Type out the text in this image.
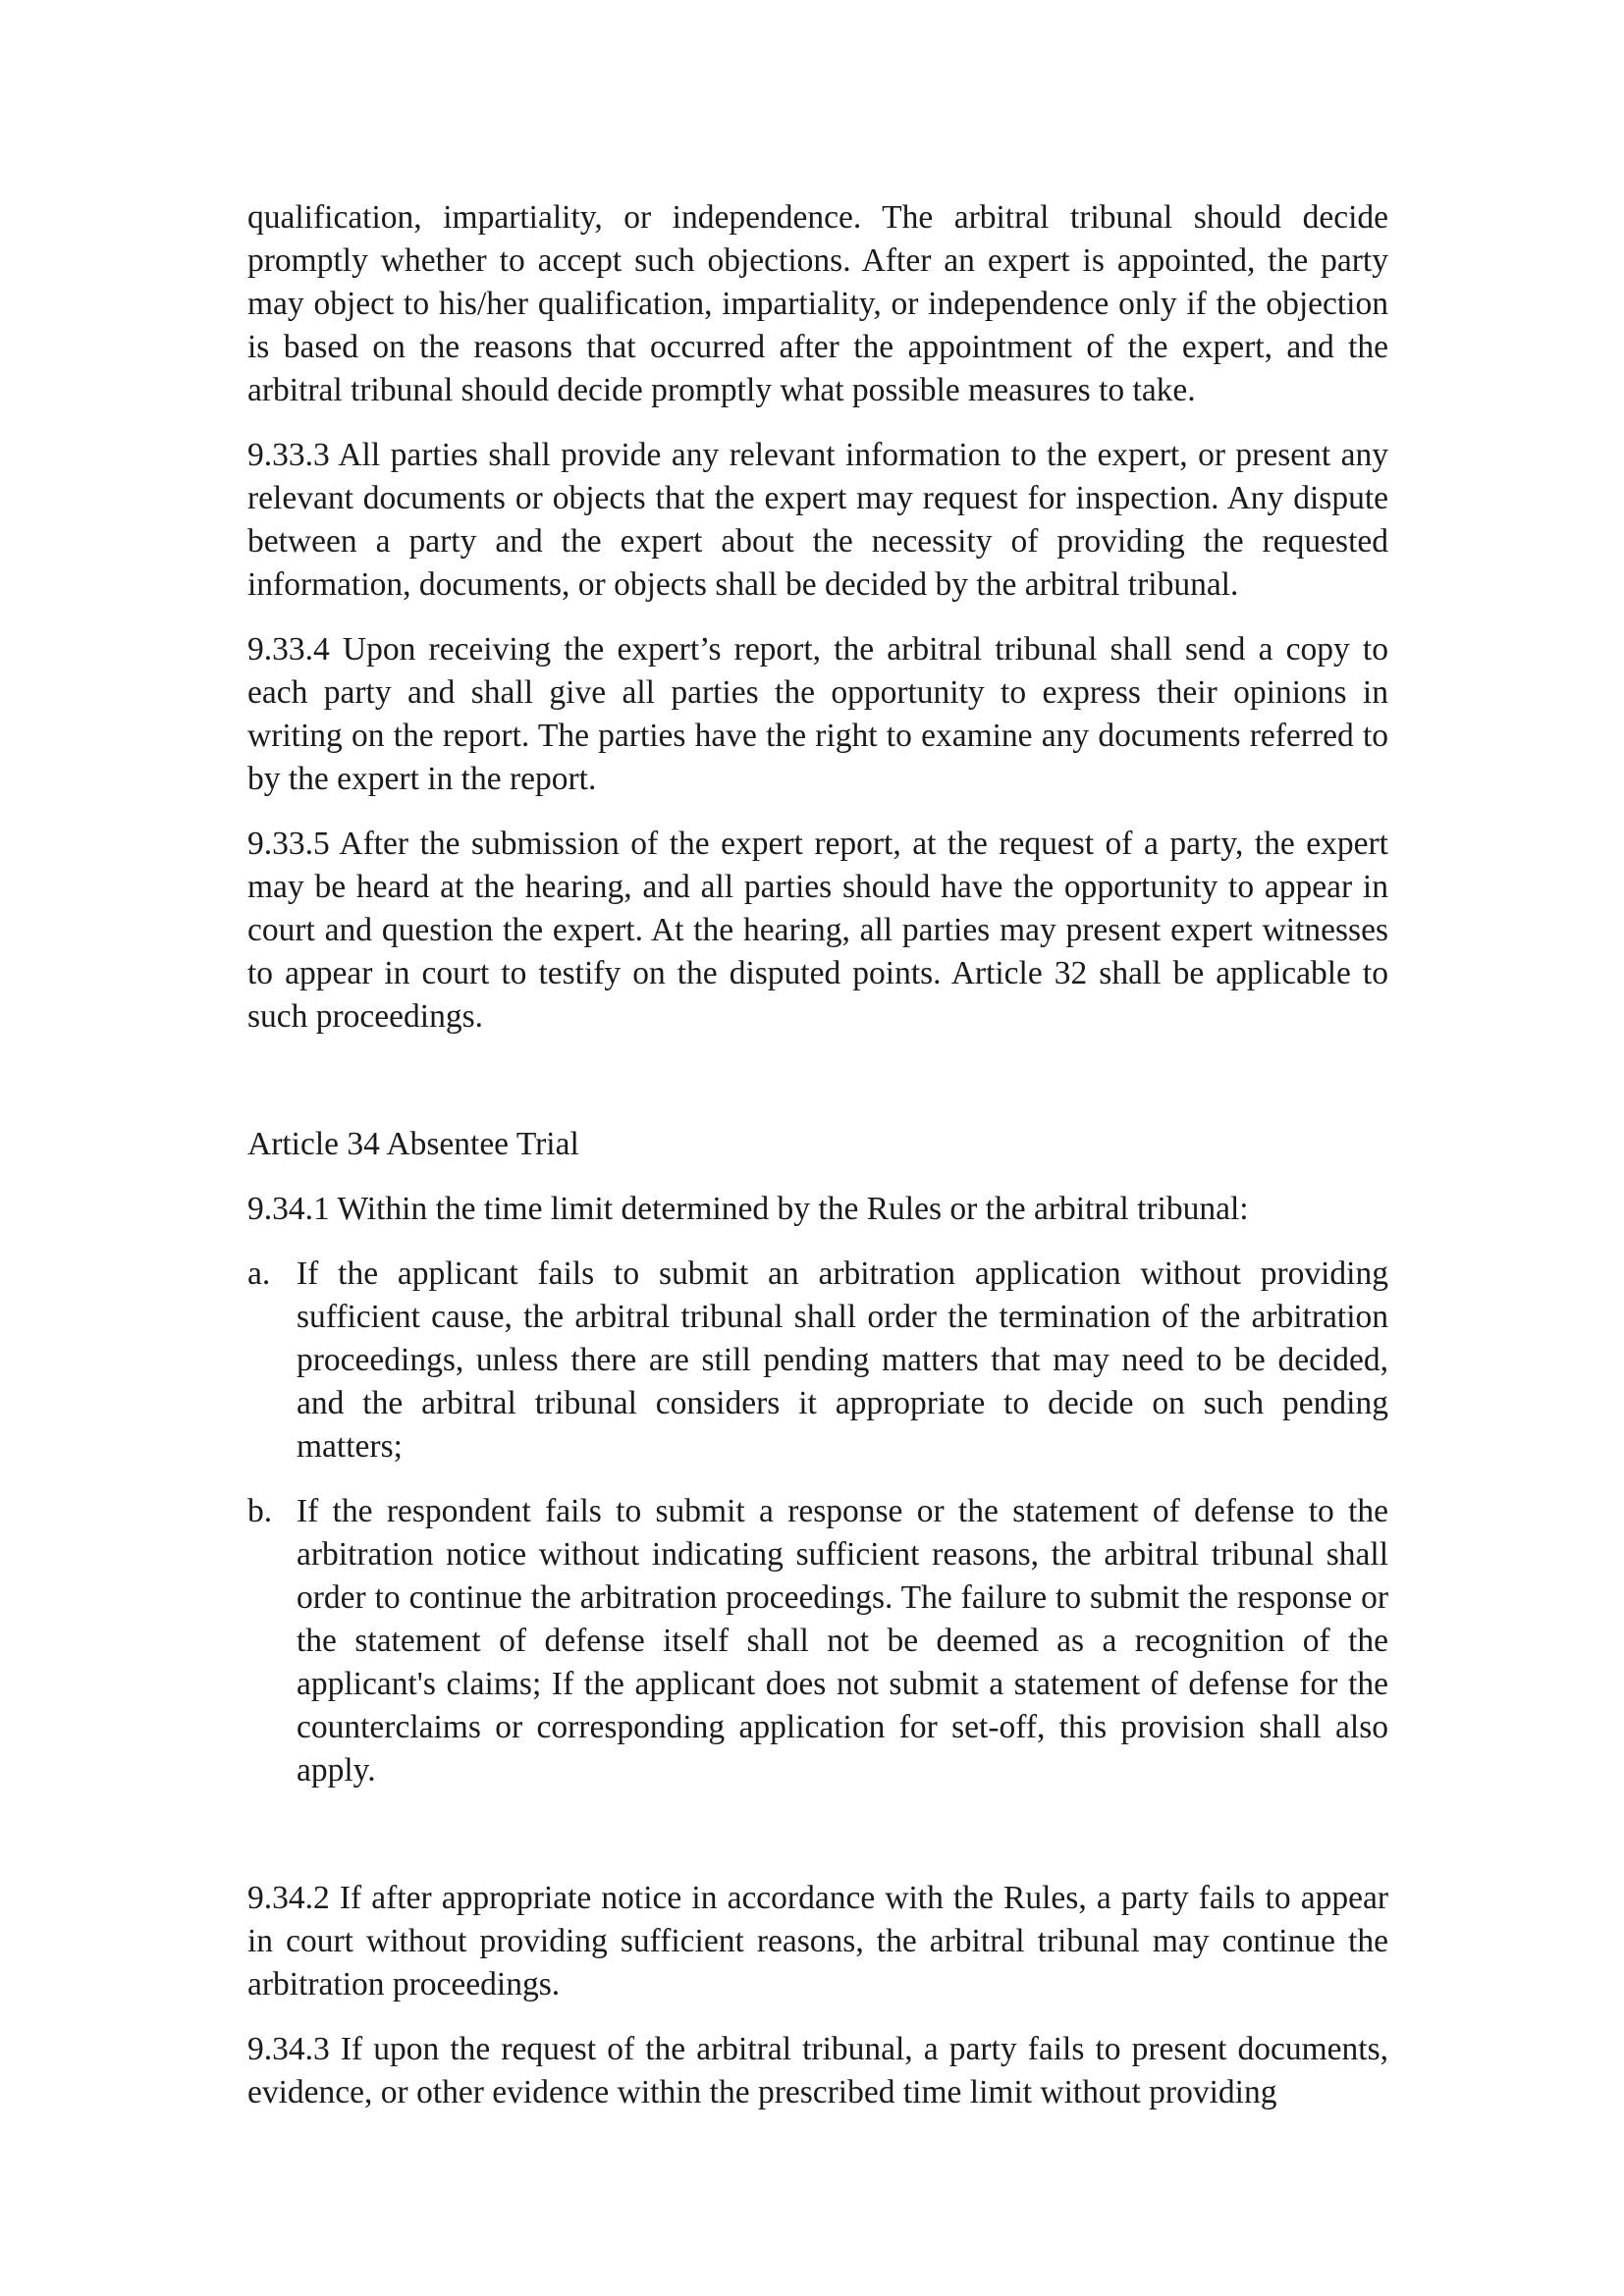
qualification, impartiality, or independence. The arbitral tribunal should decide promptly whether to accept such objections. After an expert is appointed, the party may object to his/her qualification, impartiality, or independence only if the objection is based on the reasons that occurred after the appointment of the expert, and the arbitral tribunal should decide promptly what possible measures to take.

9.33.3 All parties shall provide any relevant information to the expert, or present any relevant documents or objects that the expert may request for inspection. Any dispute between a party and the expert about the necessity of providing the requested information, documents, or objects shall be decided by the arbitral tribunal.

9.33.4 Upon receiving the expert’s report, the arbitral tribunal shall send a copy to each party and shall give all parties the opportunity to express their opinions in writing on the report. The parties have the right to examine any documents referred to by the expert in the report.

9.33.5 After the submission of the expert report, at the request of a party, the expert may be heard at the hearing, and all parties should have the opportunity to appear in court and question the expert. At the hearing, all parties may present expert witnesses to appear in court to testify on the disputed points. Article 32 shall be applicable to such proceedings.

Article 34 Absentee Trial

9.34.1 Within the time limit determined by the Rules or the arbitral tribunal:

a. If the applicant fails to submit an arbitration application without providing sufficient cause, the arbitral tribunal shall order the termination of the arbitration proceedings, unless there are still pending matters that may need to be decided, and the arbitral tribunal considers it appropriate to decide on such pending matters;
b. If the respondent fails to submit a response or the statement of defense to the arbitration notice without indicating sufficient reasons, the arbitral tribunal shall order to continue the arbitration proceedings. The failure to submit the response or the statement of defense itself shall not be deemed as a recognition of the applicant's claims; If the applicant does not submit a statement of defense for the counterclaims or corresponding application for set-off, this provision shall also apply.

9.34.2 If after appropriate notice in accordance with the Rules, a party fails to appear in court without providing sufficient reasons, the arbitral tribunal may continue the arbitration proceedings.

9.34.3 If upon the request of the arbitral tribunal, a party fails to present documents, evidence, or other evidence within the prescribed time limit without providing
